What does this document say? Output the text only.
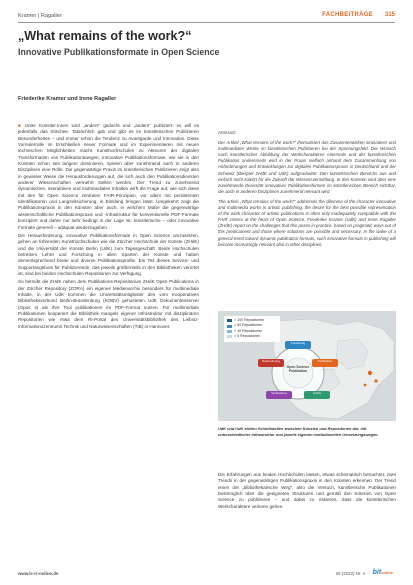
Kramer | Ragaller	FACHBEITRÄGE 315
„What remains of the work?“
Innovative Publikationsformate in Open Science
Friederike Kramer und Irene Ragaller

■ Unter Künstler:innen wird „anders“ gedacht und „anders“ publiziert: so will es jedenfalls das Klischee. Tatsächlich gab und gibt es im künstlerischen Publizieren Besonderheiten – und immer schon die Tendenz zu Avantgarde und Innovation. Diese Vorreiterrolle im Erschließen neuer Formate und im Experimentieren mit neuen technischen Möglichkeiten macht Kunsthochschulen zu Akteuren der digitalen Transformation von Publikationswegen. Innovative Publikationsformate, wie sie in den Künsten schon seit langem dominieren, spielen aber zunehmend auch in anderen Disziplinen eine Rolle. Die gegenwärtige Praxis im künstlerischen Publizieren zeigt also in gewisser Weise die Herausforderungen auf, die sich auch den Publikationsdiensten anderer Wissenschaften vermehrt stellen werden. Der Trend zu zunehmend dynamischen, interaktiven und multimedialen Inhalten wirft die Frage auf, wie sich diese mit den für Open Science zentralen FAIR-Prinzipien, vor allem mit persistenten Identifikatoren und Langzeitsicherung, in Einklang bringen lässt. Umgekehrt zeigt die Publikationspraxis in den Künsten aber auch, in welchem Maße die gegenwärtige wissenschaftliche Publikationspraxis und -infrastruktur für konventionelle PDF-Formate konzipiert und daher nur sehr bedingt in der Lage ist, künstlerische – oder innovative Formate generell – adäquat wiederzugeben.

Die Herausforderung, innovative Publikationsformate in Open Science umzusetzen, gehen an führenden Kunsthochschulen wie die Zürcher Hochschule der Künste (ZHdK) und die Universität der Künste Berlin (UdK) zum Tagesgeschäft. Beide Hochschulen betreiben Lehre und Forschung in allen Sparten der Künste und haben dementsprechend breite und diverse Publikationsprofile. Ein Teil dieses Service- und Supportangebots für Publizierende, das jeweils größtenteils in den Bibliotheken verortet ist, sind bei beiden Hochschulen Repositorien zur Verfügung.

So betreibt die ZHdK neben dem Publikations-Repositorium ZHdK Open Publications in der Zürcher Repository (ZORA) ein eigenes Medienarchiv besonders für multimediale Inhalte, in der UdK kommen die Universitätsmitglieder den vom Kooperativen Bibliotheksverbund Berlin-Brandenburg (KOBV) gehosteten UdK Dokumentenserver (Opus 4) als Ihre Tool publikationen im PDF-Format nutzen. Für multimediale Publikationen kooperiert die Bibliothek mangels eigener Infrastruktur mit disziplinären Repositorien wie etwa dem RI-Portal des Universitätsbibliothek des Leibniz-Informationszentrums Technik und Naturwissenschaften (TIB) in Hannover.

Abstract

Der Artikel „What remains of the work?“ thematisiert das Zusammenwirken innovativer und multimedialer Werke im künstlerischen Publizieren bei der Spannungsfeld. Der Wunsch nach künstlerischer Abbildung der Werkcharakteren einerseits und der künstlerischen Publikation andererseits wird in der Praxis vielfach anhand dem Zusammenhang von Anforderungen und Entwicklungen zur digitalen Publikationspraxis in Deutschland und der Schweiz (Beispiel ZHdK und UdK) aufgearbeitet. Den künstlerischen Bereichs aus und einfach nicht zuletzt für die Zukunft der Wissensvermittlung. In den Künsten wird aber eine zunehmende Diversität innovativer Publikationsformen im künstlerischen Bereich sichtbar, die auch in anderen Disziplinen zunehmend relevant wird.

The article „What remains of the work?“ addresses the dilemma of the character innovative and multimedia works in artistic publishing, the desire for the best possible representation of the work character of artistic publications is often only inadequately compatible with the FAIR criteria at the heart of Open Science. Friederike Kramer (UdK) and Irene Ragaller (ZHdK) report on the challenges that this poses in practice, based on pragmatic ways out of this predicament and those where solutions are possible and necessary. In the wake of a general trend toward dynamic publication formats, such innovative formats in publishing will become increasingly relevant also in other disciplines.

> 100 Repositorien
> 50 Repositorien
> 10 Repositorien
> 5 Repositorien
Open Science Publikation
Forschung
Publikation
Archiv
Verbreitung
Nachnutzung
UdK und UdK stellen Schnittstellen zwischen Künsten und Repositorien dar, mit unterschiedlicher Infrastruktur und jeweils eigenen institutionellen Umsetzungswegen.

Die Erfahrungen aus beiden Hochschulen lassen, etwas schematisch betrachtet, zwei Trends in der gegenwärtigen Publikationspraxis in den Künsten erkennen. Der Trend einen der „bibliothekarische Weg“, also die Versuch, künstlerische Publikationen bestmöglich über die geeigneten Strukturen und gemäß den Kriterien von Open Science zu publizieren – und dabei zu riskieren, dass die künstlerischen Werkcharaktere verloren gehen.

www.b-i-t-online.de	25 (2022) Nr. 4 bitonline
